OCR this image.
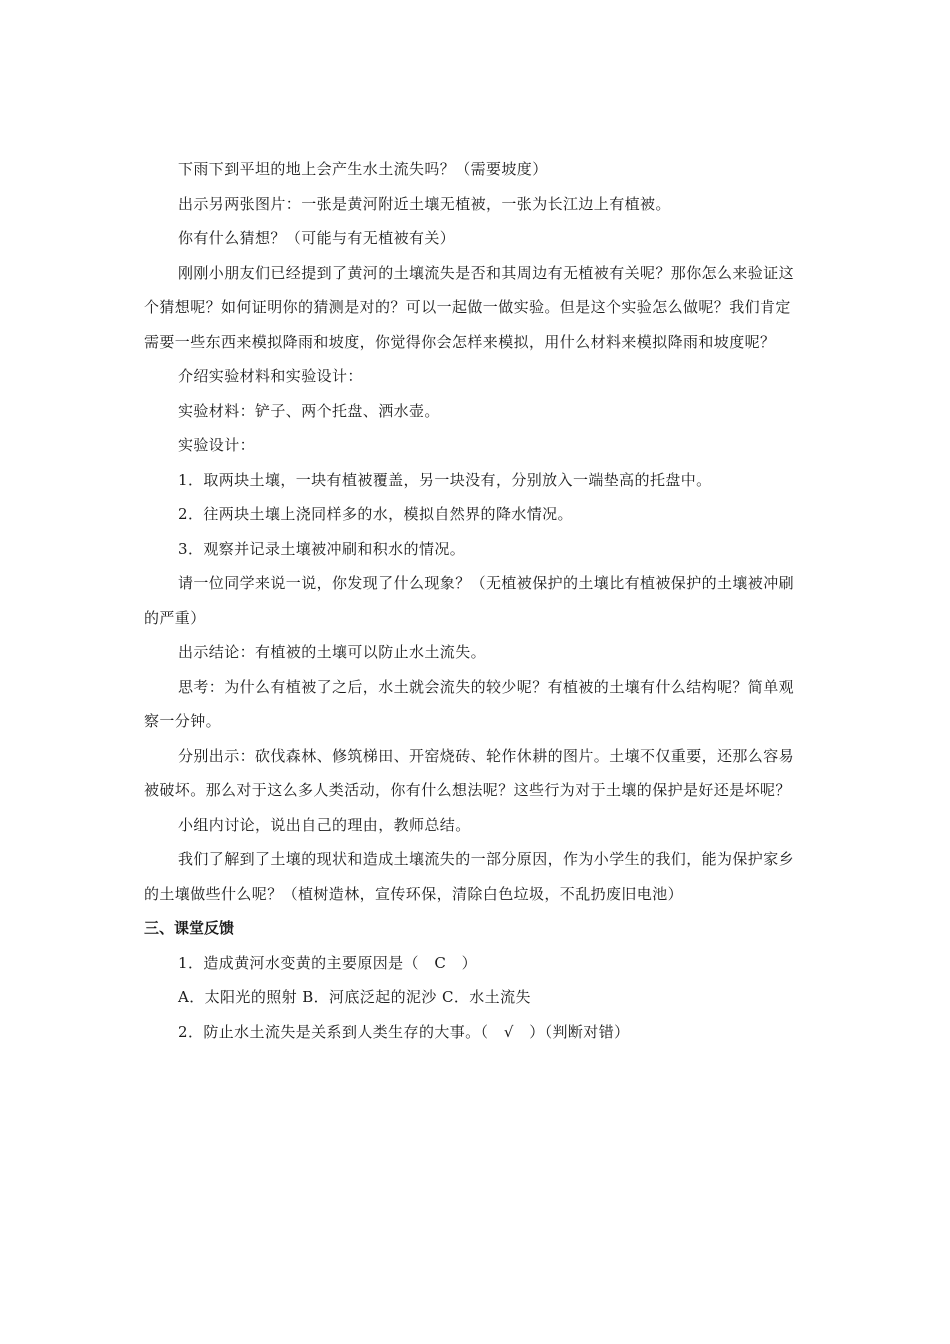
下雨下到平坦的地上会产生水土流失吗？（需要坡度）

出示另两张图片：一张是黄河附近土壤无植被，一张为长江边上有植被。

你有什么猜想？（可能与有无植被有关）

刚刚小朋友们已经提到了黄河的土壤流失是否和其周边有无植被有关呢？那你怎么来验证这个猜想呢？如何证明你的猜测是对的？可以一起做一做实验。但是这个实验怎么做呢？我们肯定需要一些东西来模拟降雨和坡度，你觉得你会怎样来模拟，用什么材料来模拟降雨和坡度呢？

介绍实验材料和实验设计：

实验材料：铲子、两个托盘、洒水壶。

实验设计：

1．取两块土壤，一块有植被覆盖，另一块没有，分别放入一端垫高的托盘中。

2．往两块土壤上浇同样多的水，模拟自然界的降水情况。

3．观察并记录土壤被冲刷和积水的情况。

请一位同学来说一说，你发现了什么现象？（无植被保护的土壤比有植被保护的土壤被冲刷的严重）

出示结论：有植被的土壤可以防止水土流失。

思考：为什么有植被了之后，水土就会流失的较少呢？有植被的土壤有什么结构呢？简单观察一分钟。

分别出示：砍伐森林、修筑梯田、开窑烧砖、轮作休耕的图片。土壤不仅重要，还那么容易被破坏。那么对于这么多人类活动，你有什么想法呢？这些行为对于土壤的保护是好还是坏呢？

小组内讨论，说出自己的理由，教师总结。

我们了解到了土壤的现状和造成土壤流失的一部分原因，作为小学生的我们，能为保护家乡的土壤做些什么呢？（植树造林，宣传环保，清除白色垃圾，不乱扔废旧电池）

三、课堂反馈

1．造成黄河水变黄的主要原因是（　C　）

A．太阳光的照射 B．河底泛起的泥沙 C．水土流失

2．防止水土流失是关系到人类生存的大事。（　√　）（判断对错）
